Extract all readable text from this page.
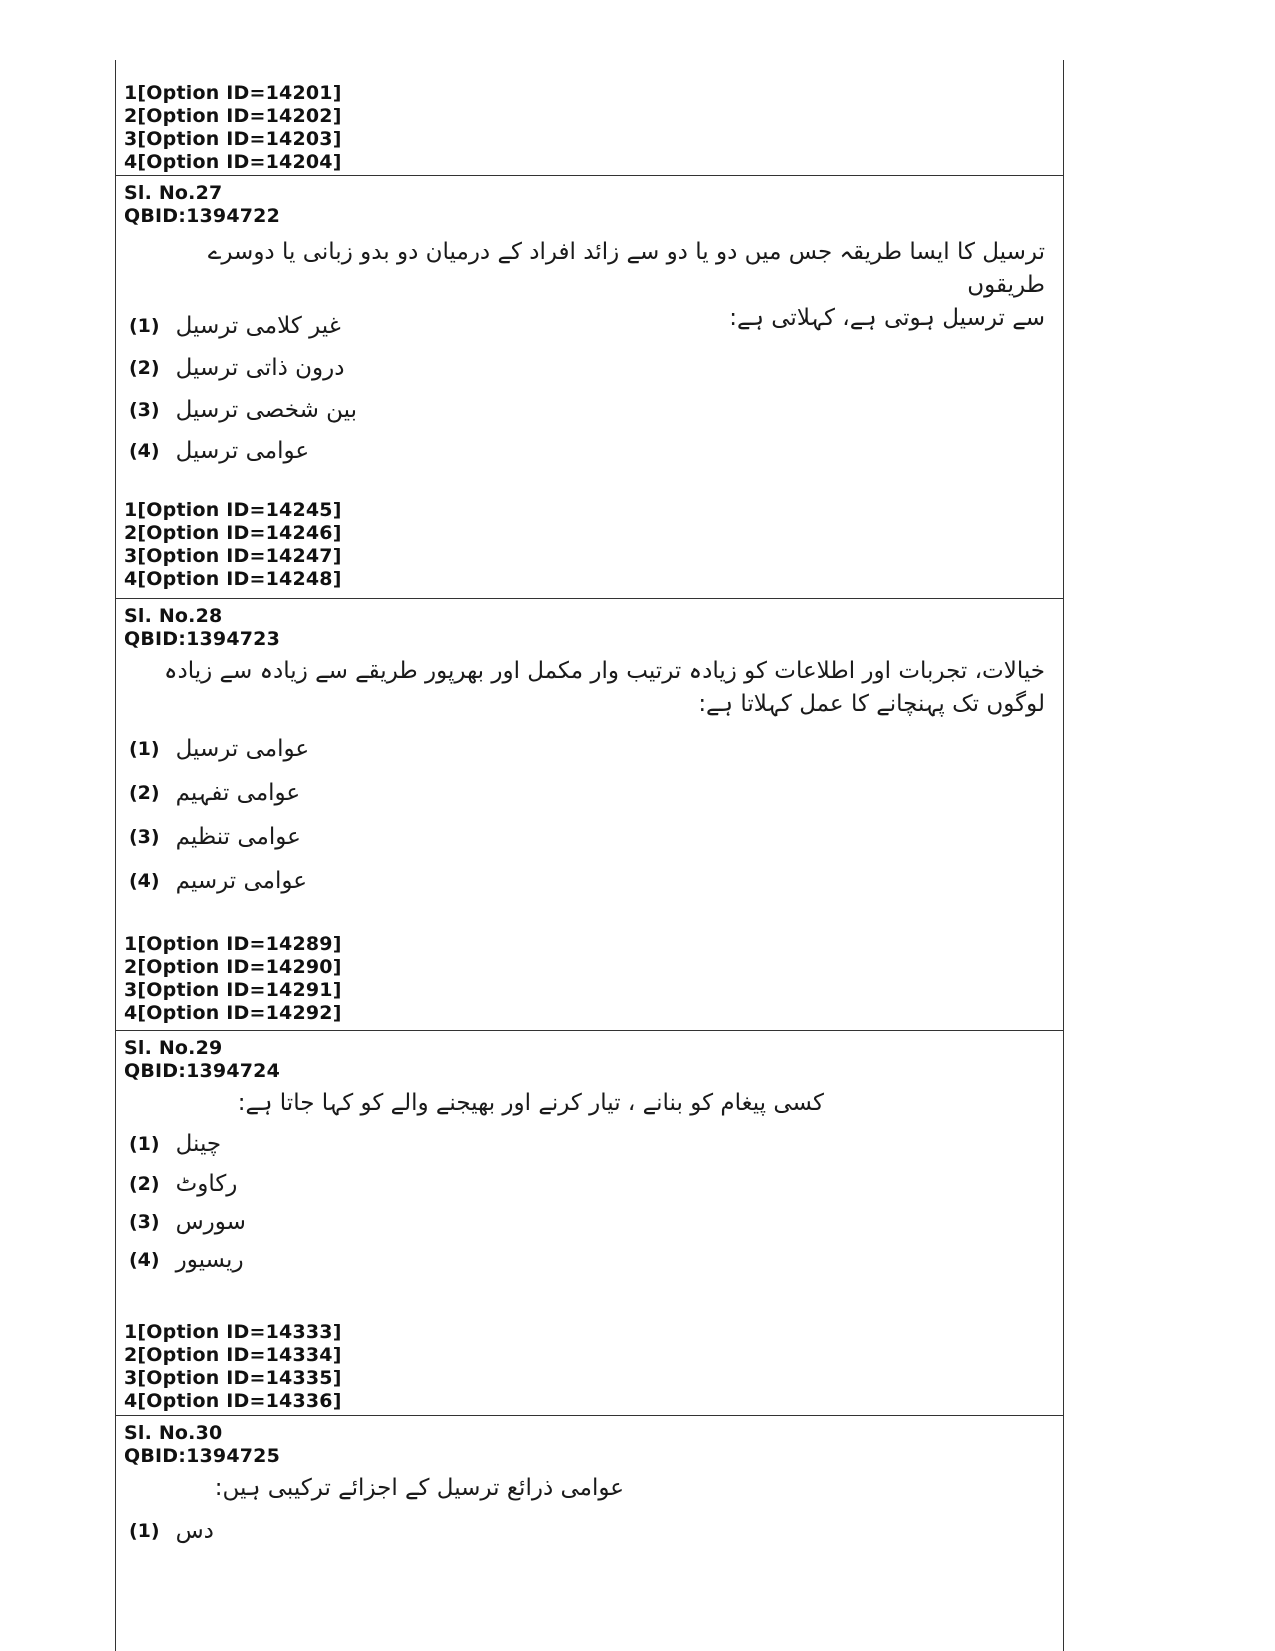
1[Option ID=14201]
2[Option ID=14202]
3[Option ID=14203]
4[Option ID=14204]
Sl. No.27
QBID:1394722
ترسیل کا ایسا طریقہ جس میں دو یا دو سے زائد افراد کے درمیان دو بدو زبانی یا دوسرے طریقوں
سے ترسیل ہوتی ہے، کہلاتی ہے:
(1) غیر کلامی ترسیل
(2) درون ذاتی ترسیل
(3) بین شخصی ترسیل
(4) عوامی ترسیل
1[Option ID=14245]
2[Option ID=14246]
3[Option ID=14247]
4[Option ID=14248]
Sl. No.28
QBID:1394723
خیالات، تجربات اور اطلاعات کو زیادہ ترتیب وار مکمل اور بھرپور طریقے سے زیادہ سے زیادہ
لوگوں تک پہنچانے کا عمل کہلاتا ہے:
(1) عوامی ترسیل
(2) عوامی تفہیم
(3) عوامی تنظیم
(4) عوامی ترسیم
1[Option ID=14289]
2[Option ID=14290]
3[Option ID=14291]
4[Option ID=14292]
Sl. No.29
QBID:1394724
کسی پیغام کو بنانے ، تیار کرنے اور بھیجنے والے کو کہا جاتا ہے:
(1) چینل
(2) رکاوٹ
(3) سورس
(4) ریسیور
1[Option ID=14333]
2[Option ID=14334]
3[Option ID=14335]
4[Option ID=14336]
Sl. No.30
QBID:1394725
عوامی ذرائع ترسیل کے اجزائے ترکیبی ہیں:
(1) دس
